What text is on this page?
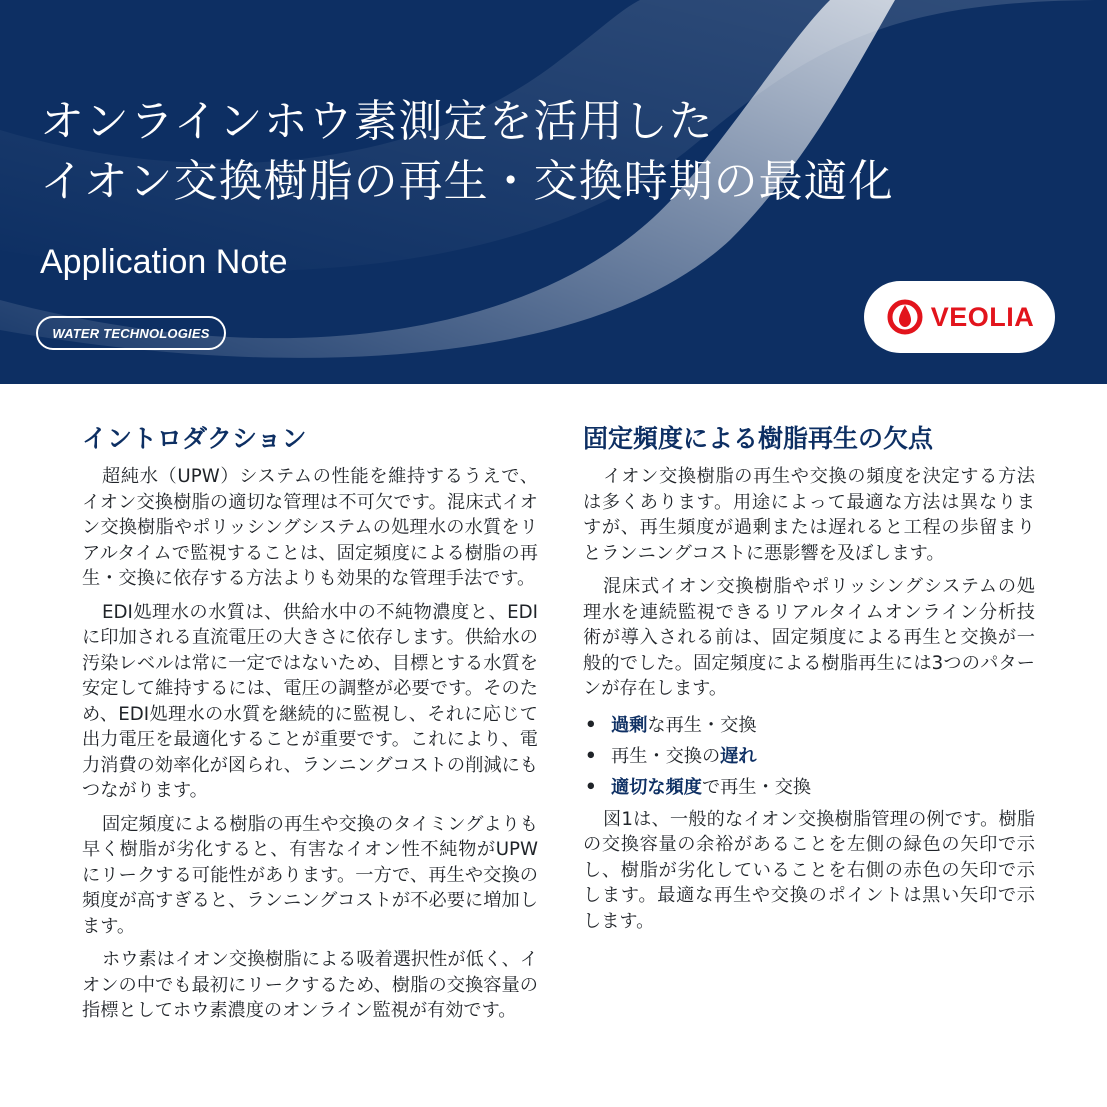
オンラインホウ素測定を活用した
イオン交換樹脂の再生・交換時期の最適化
Application Note
WATER TECHNOLOGIES
VEOLIA
イントロダクション

超純水（UPW）システムの性能を維持するうえで、イオン交換樹脂の適切な管理は不可欠です。混床式イオン交換樹脂やポリッシングシステムの処理水の水質をリアルタイムで監視することは、固定頻度による樹脂の再生・交換に依存する方法よりも効果的な管理手法です。

EDI処理水の水質は、供給水中の不純物濃度と、EDIに印加される直流電圧の大きさに依存します。供給水の汚染レベルは常に一定ではないため、目標とする水質を安定して維持するには、電圧の調整が必要です。そのため、EDI処理水の水質を継続的に監視し、それに応じて出力電圧を最適化することが重要です。これにより、電力消費の効率化が図られ、ランニングコストの削減にもつながります。

固定頻度による樹脂の再生や交換のタイミングよりも早く樹脂が劣化すると、有害なイオン性不純物がUPWにリークする可能性があります。一方で、再生や交換の頻度が高すぎると、ランニングコストが不必要に増加します。

ホウ素はイオン交換樹脂による吸着選択性が低く、イオンの中でも最初にリークするため、樹脂の交換容量の指標としてホウ素濃度のオンライン監視が有効です。

固定頻度による樹脂再生の欠点

イオン交換樹脂の再生や交換の頻度を決定する方法は多くあります。用途によって最適な方法は異なりますが、再生頻度が過剰または遅れると工程の歩留まりとランニングコストに悪影響を及ぼします。

混床式イオン交換樹脂やポリッシングシステムの処理水を連続監視できるリアルタイムオンライン分析技術が導入される前は、固定頻度による再生と交換が一般的でした。固定頻度による樹脂再生には3つのパターンが存在します。

• 過剰な再生・交換
• 再生・交換の遅れ
• 適切な頻度で再生・交換

図1は、一般的なイオン交換樹脂管理の例です。樹脂の交換容量の余裕があることを左側の緑色の矢印で示し、樹脂が劣化していることを右側の赤色の矢印で示します。最適な再生や交換のポイントは黒い矢印で示します。
